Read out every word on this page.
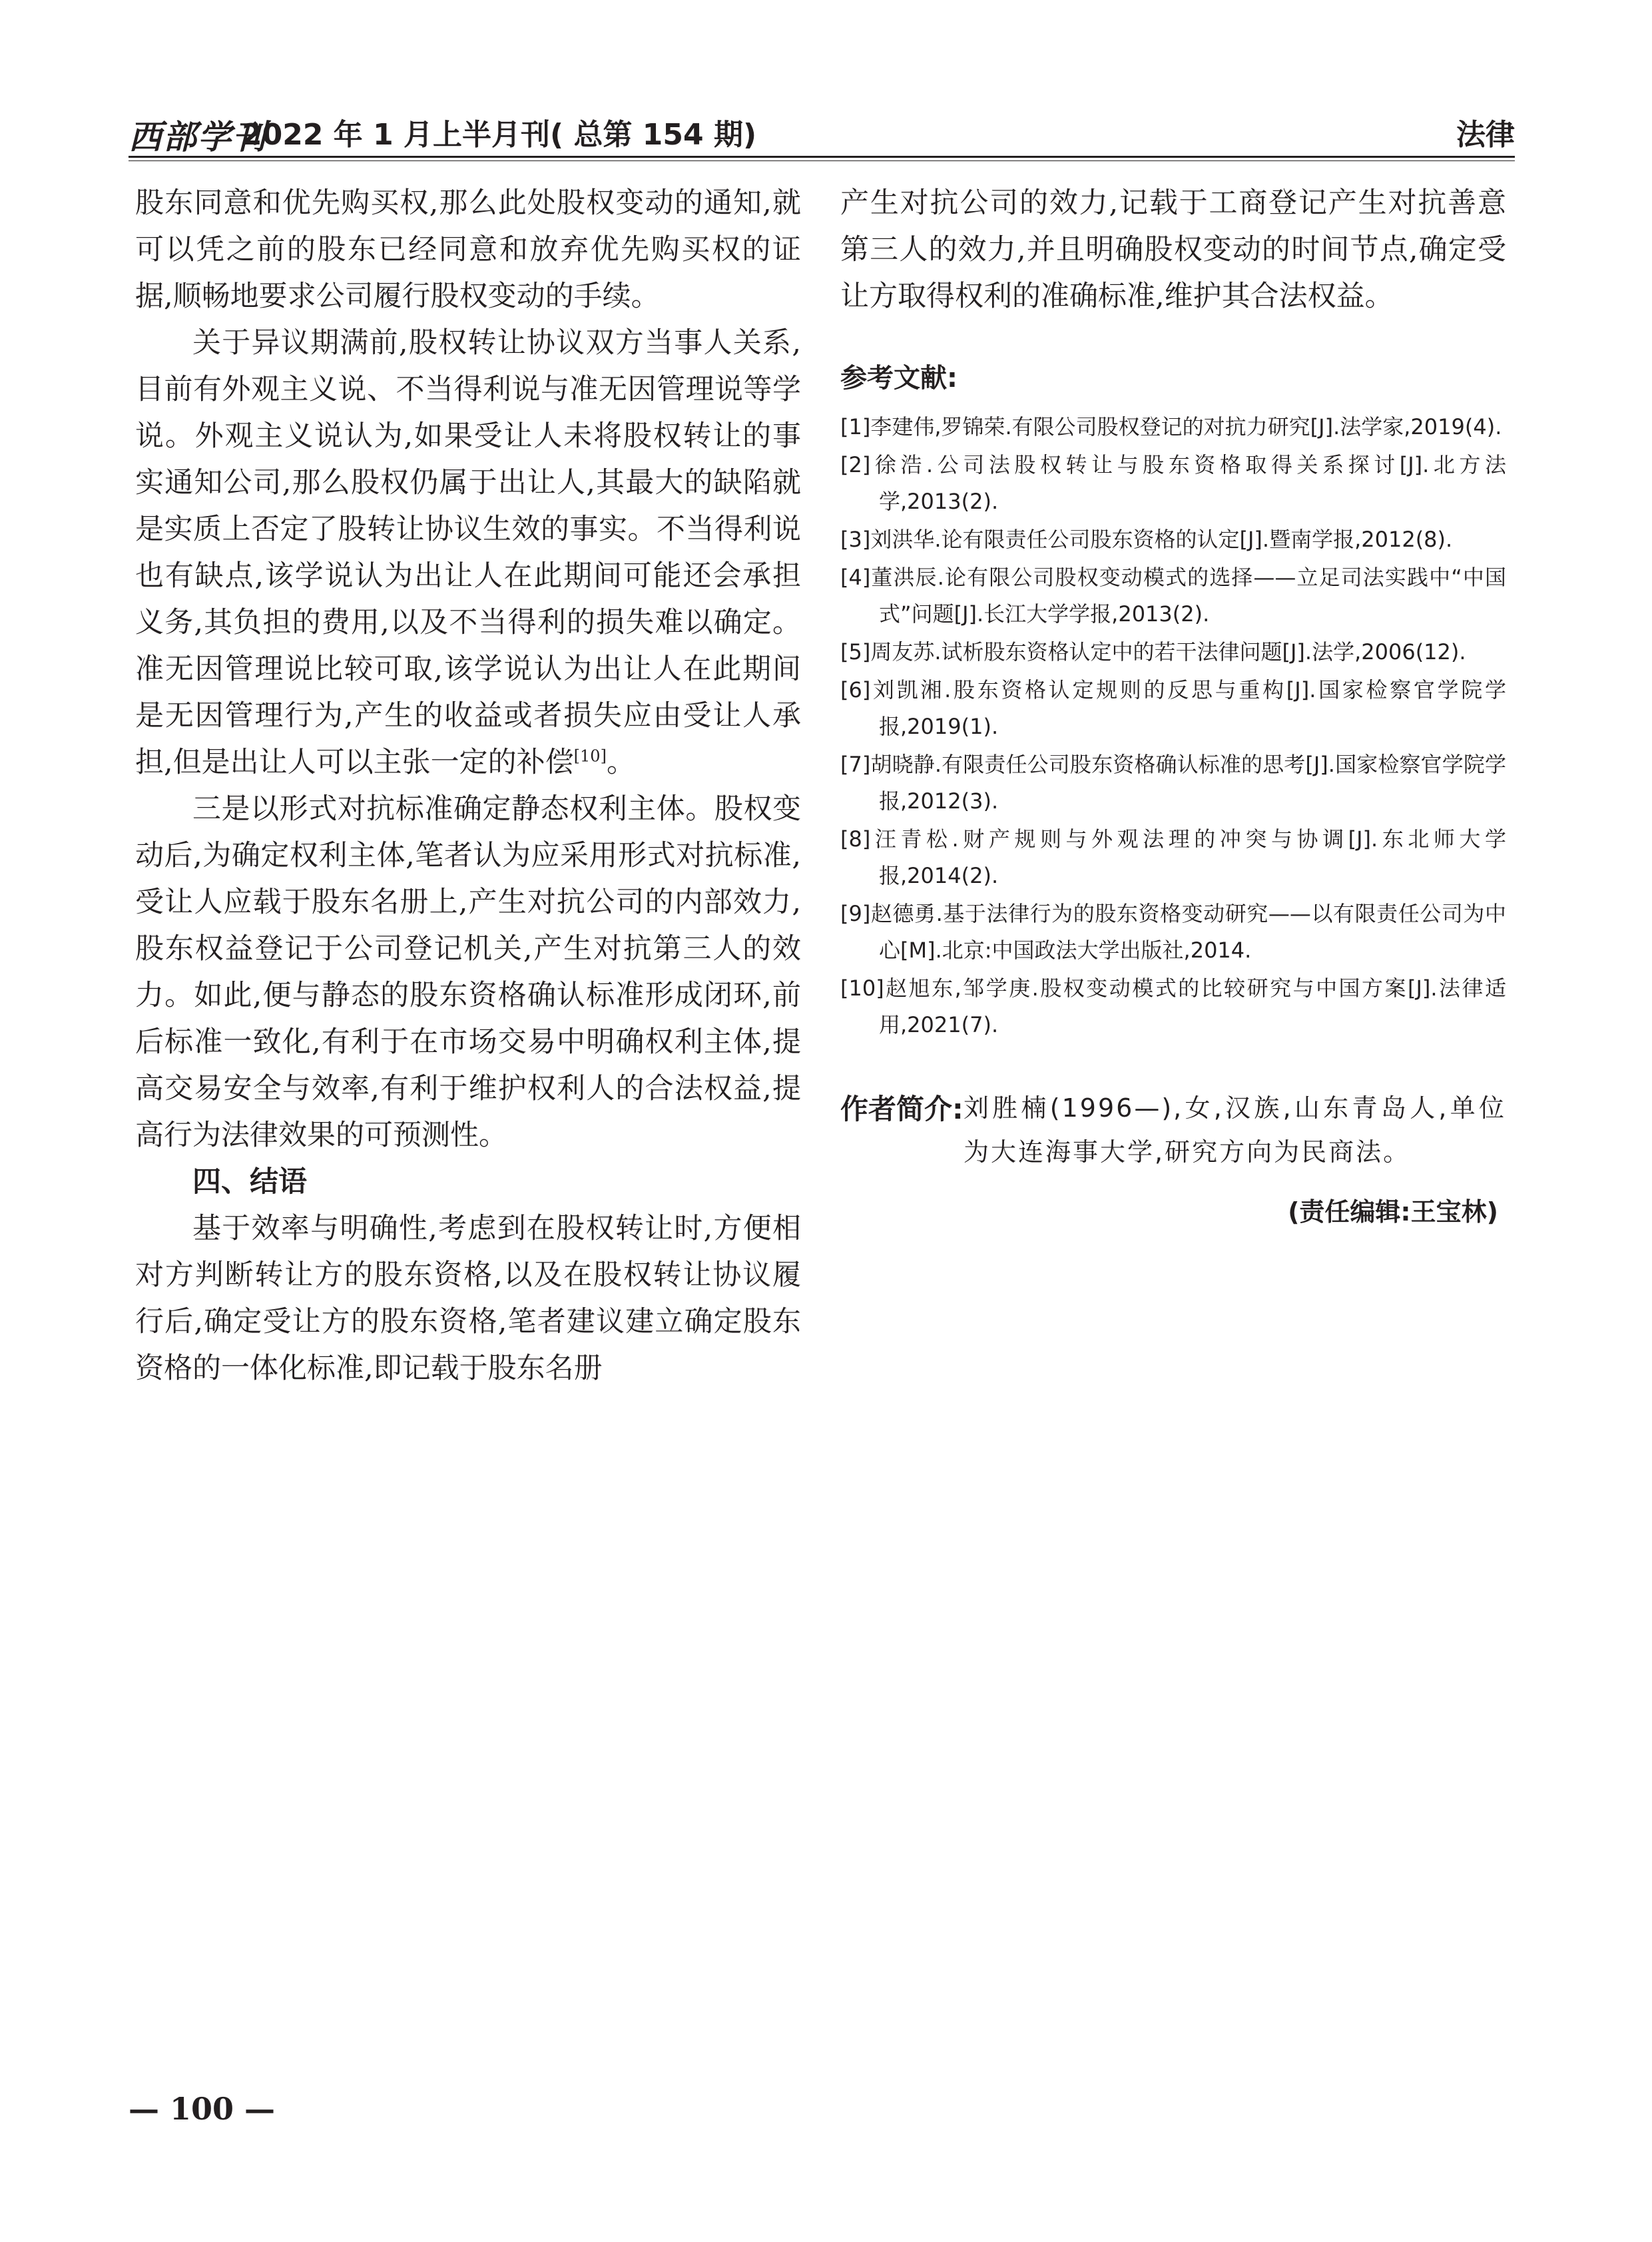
西部学刊
2022 年 1 月上半月刊( 总第 154 期)	法律

股东同意和优先购买权,那么此处股权变动的通知,就可以凭之前的股东已经同意和放弃优先购买权的证据,顺畅地要求公司履行股权变动的手续。

关于异议期满前,股权转让协议双方当事人关系,目前有外观主义说、不当得利说与准无因管理说等学说。外观主义说认为,如果受让人未将股权转让的事实通知公司,那么股权仍属于出让人,其最大的缺陷就是实质上否定了股转让协议生效的事实。不当得利说也有缺点,该学说认为出让人在此期间可能还会承担义务,其负担的费用,以及不当得利的损失难以确定。准无因管理说比较可取,该学说认为出让人在此期间是无因管理行为,产生的收益或者损失应由受让人承担,但是出让人可以主张一定的补偿[10]。

三是以形式对抗标准确定静态权利主体。股权变动后,为确定权利主体,笔者认为应采用形式对抗标准,受让人应载于股东名册上,产生对抗公司的内部效力,股东权益登记于公司登记机关,产生对抗第三人的效力。如此,便与静态的股东资格确认标准形成闭环,前后标准一致化,有利于在市场交易中明确权利主体,提高交易安全与效率,有利于维护权利人的合法权益,提高行为法律效果的可预测性。

四、结语

基于效率与明确性,考虑到在股权转让时,方便相对方判断转让方的股东资格,以及在股权转让协议履行后,确定受让方的股东资格,笔者建议建立确定股东资格的一体化标准,即记载于股东名册

产生对抗公司的效力,记载于工商登记产生对抗善意第三人的效力,并且明确股权变动的时间节点,确定受让方取得权利的准确标准,维护其合法权益。

参考文献:
[1]李建伟,罗锦荣.有限公司股权登记的对抗力研究[J].法学家,2019(4).
[2]徐浩.公司法股权转让与股东资格取得关系探讨[J].北方法学,2013(2).
[3]刘洪华.论有限责任公司股东资格的认定[J].暨南学报,2012(8).
[4]董洪辰.论有限公司股权变动模式的选择——立足司法实践中“中国式”问题[J].长江大学学报,2013(2).
[5]周友苏.试析股东资格认定中的若干法律问题[J].法学,2006(12).
[6]刘凯湘.股东资格认定规则的反思与重构[J].国家检察官学院学报,2019(1).
[7]胡晓静.有限责任公司股东资格确认标准的思考[J].国家检察官学院学报,2012(3).
[8]汪青松.财产规则与外观法理的冲突与协调[J].东北师大学报,2014(2).
[9]赵德勇.基于法律行为的股东资格变动研究——以有限责任公司为中心[M].北京:中国政法大学出版社,2014.
[10]赵旭东,邹学庚.股权变动模式的比较研究与中国方案[J].法律适用,2021(7).
作者简介: 刘胜楠(1996—),女,汉族,山东青岛人,单位为大连海事大学,研究方向为民商法。
(责任编辑:王宝林)
— 100 —
